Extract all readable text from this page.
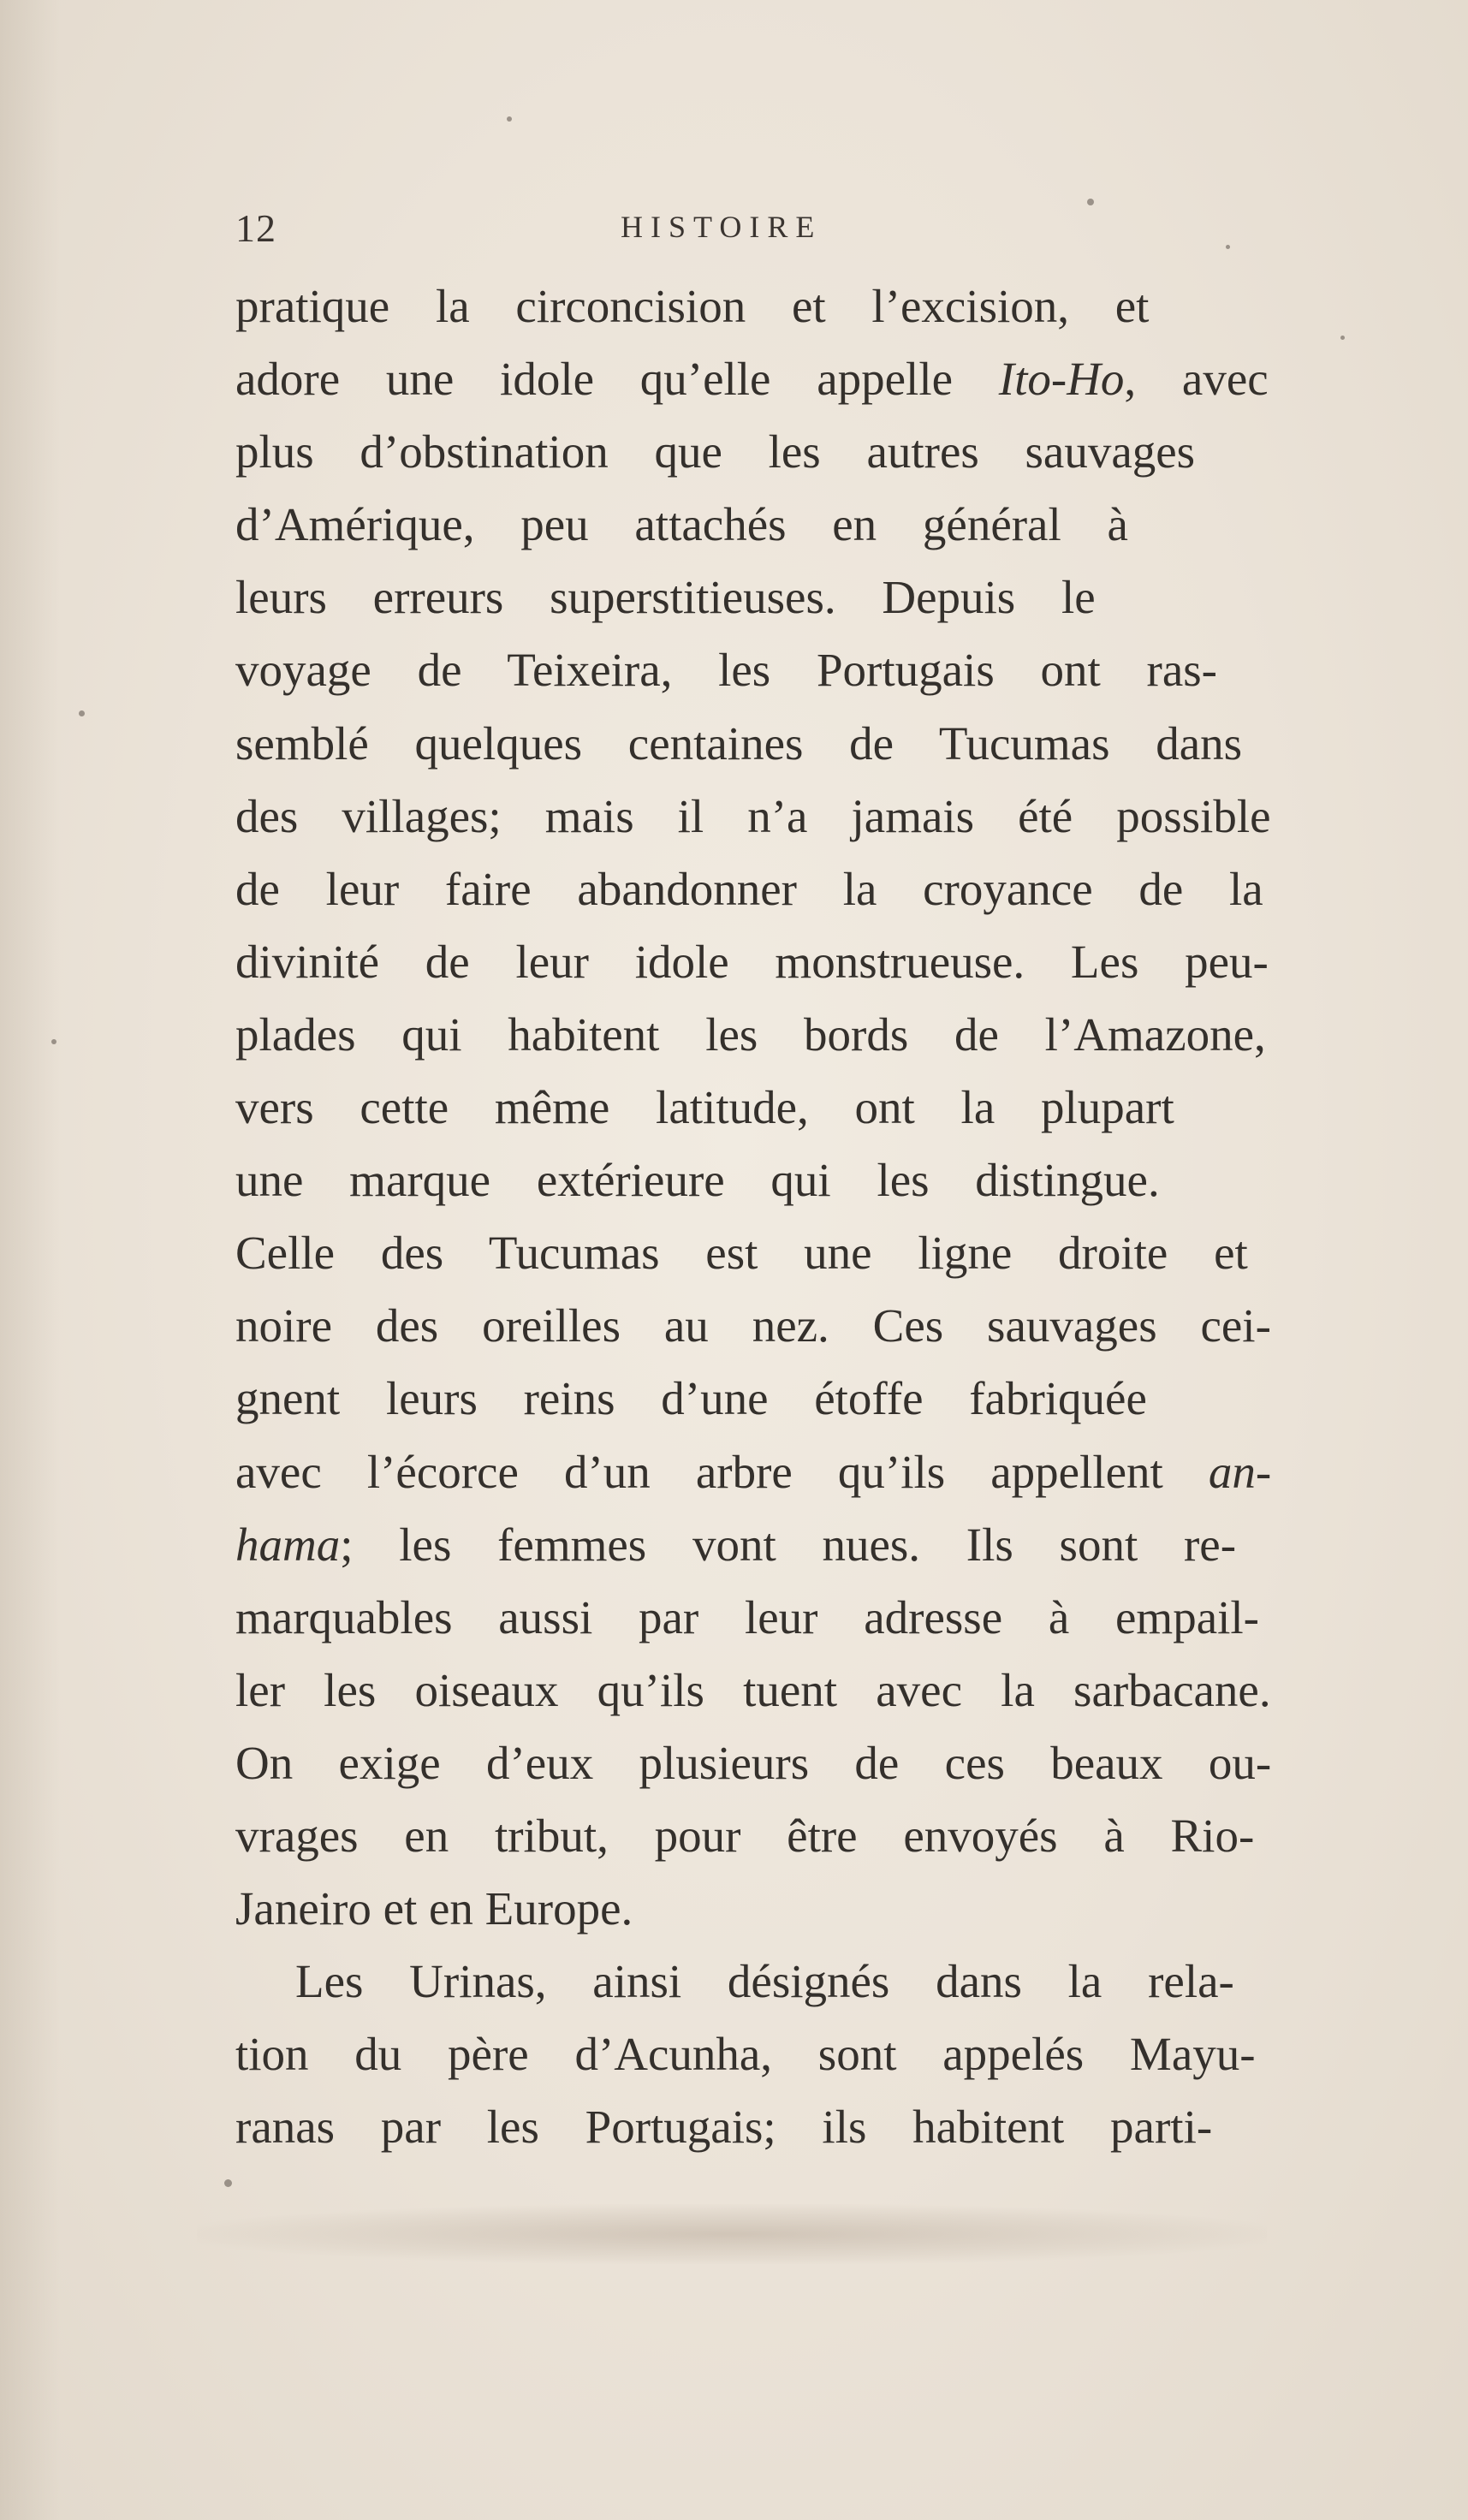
12	HISTOIRE
pratique la circoncision et l’excision, et
adore une idole qu’elle appelle Ito-Ho, avec
plus d’obstination que les autres sauvages
d’Amérique, peu attachés en général à
leurs erreurs superstitieuses. Depuis le
voyage de Teixeira, les Portugais ont ras-
semblé quelques centaines de Tucumas dans
des villages; mais il n’a jamais été possible
de leur faire abandonner la croyance de la
divinité de leur idole monstrueuse. Les peu-
plades qui habitent les bords de l’Amazone,
vers cette même latitude, ont la plupart
une marque extérieure qui les distingue.
Celle des Tucumas est une ligne droite et
noire des oreilles au nez. Ces sauvages cei-
gnent leurs reins d’une étoffe fabriquée
avec l’écorce d’un arbre qu’ils appellent an-
hama; les femmes vont nues. Ils sont re-
marquables aussi par leur adresse à empail-
ler les oiseaux qu’ils tuent avec la sarbacane.
On exige d’eux plusieurs de ces beaux ou-
vrages en tribut, pour être envoyés à Rio-
Janeiro et en Europe.
Les Urinas, ainsi désignés dans la rela-
tion du père d’Acunha, sont appelés Mayu-
ranas par les Portugais; ils habitent parti-
